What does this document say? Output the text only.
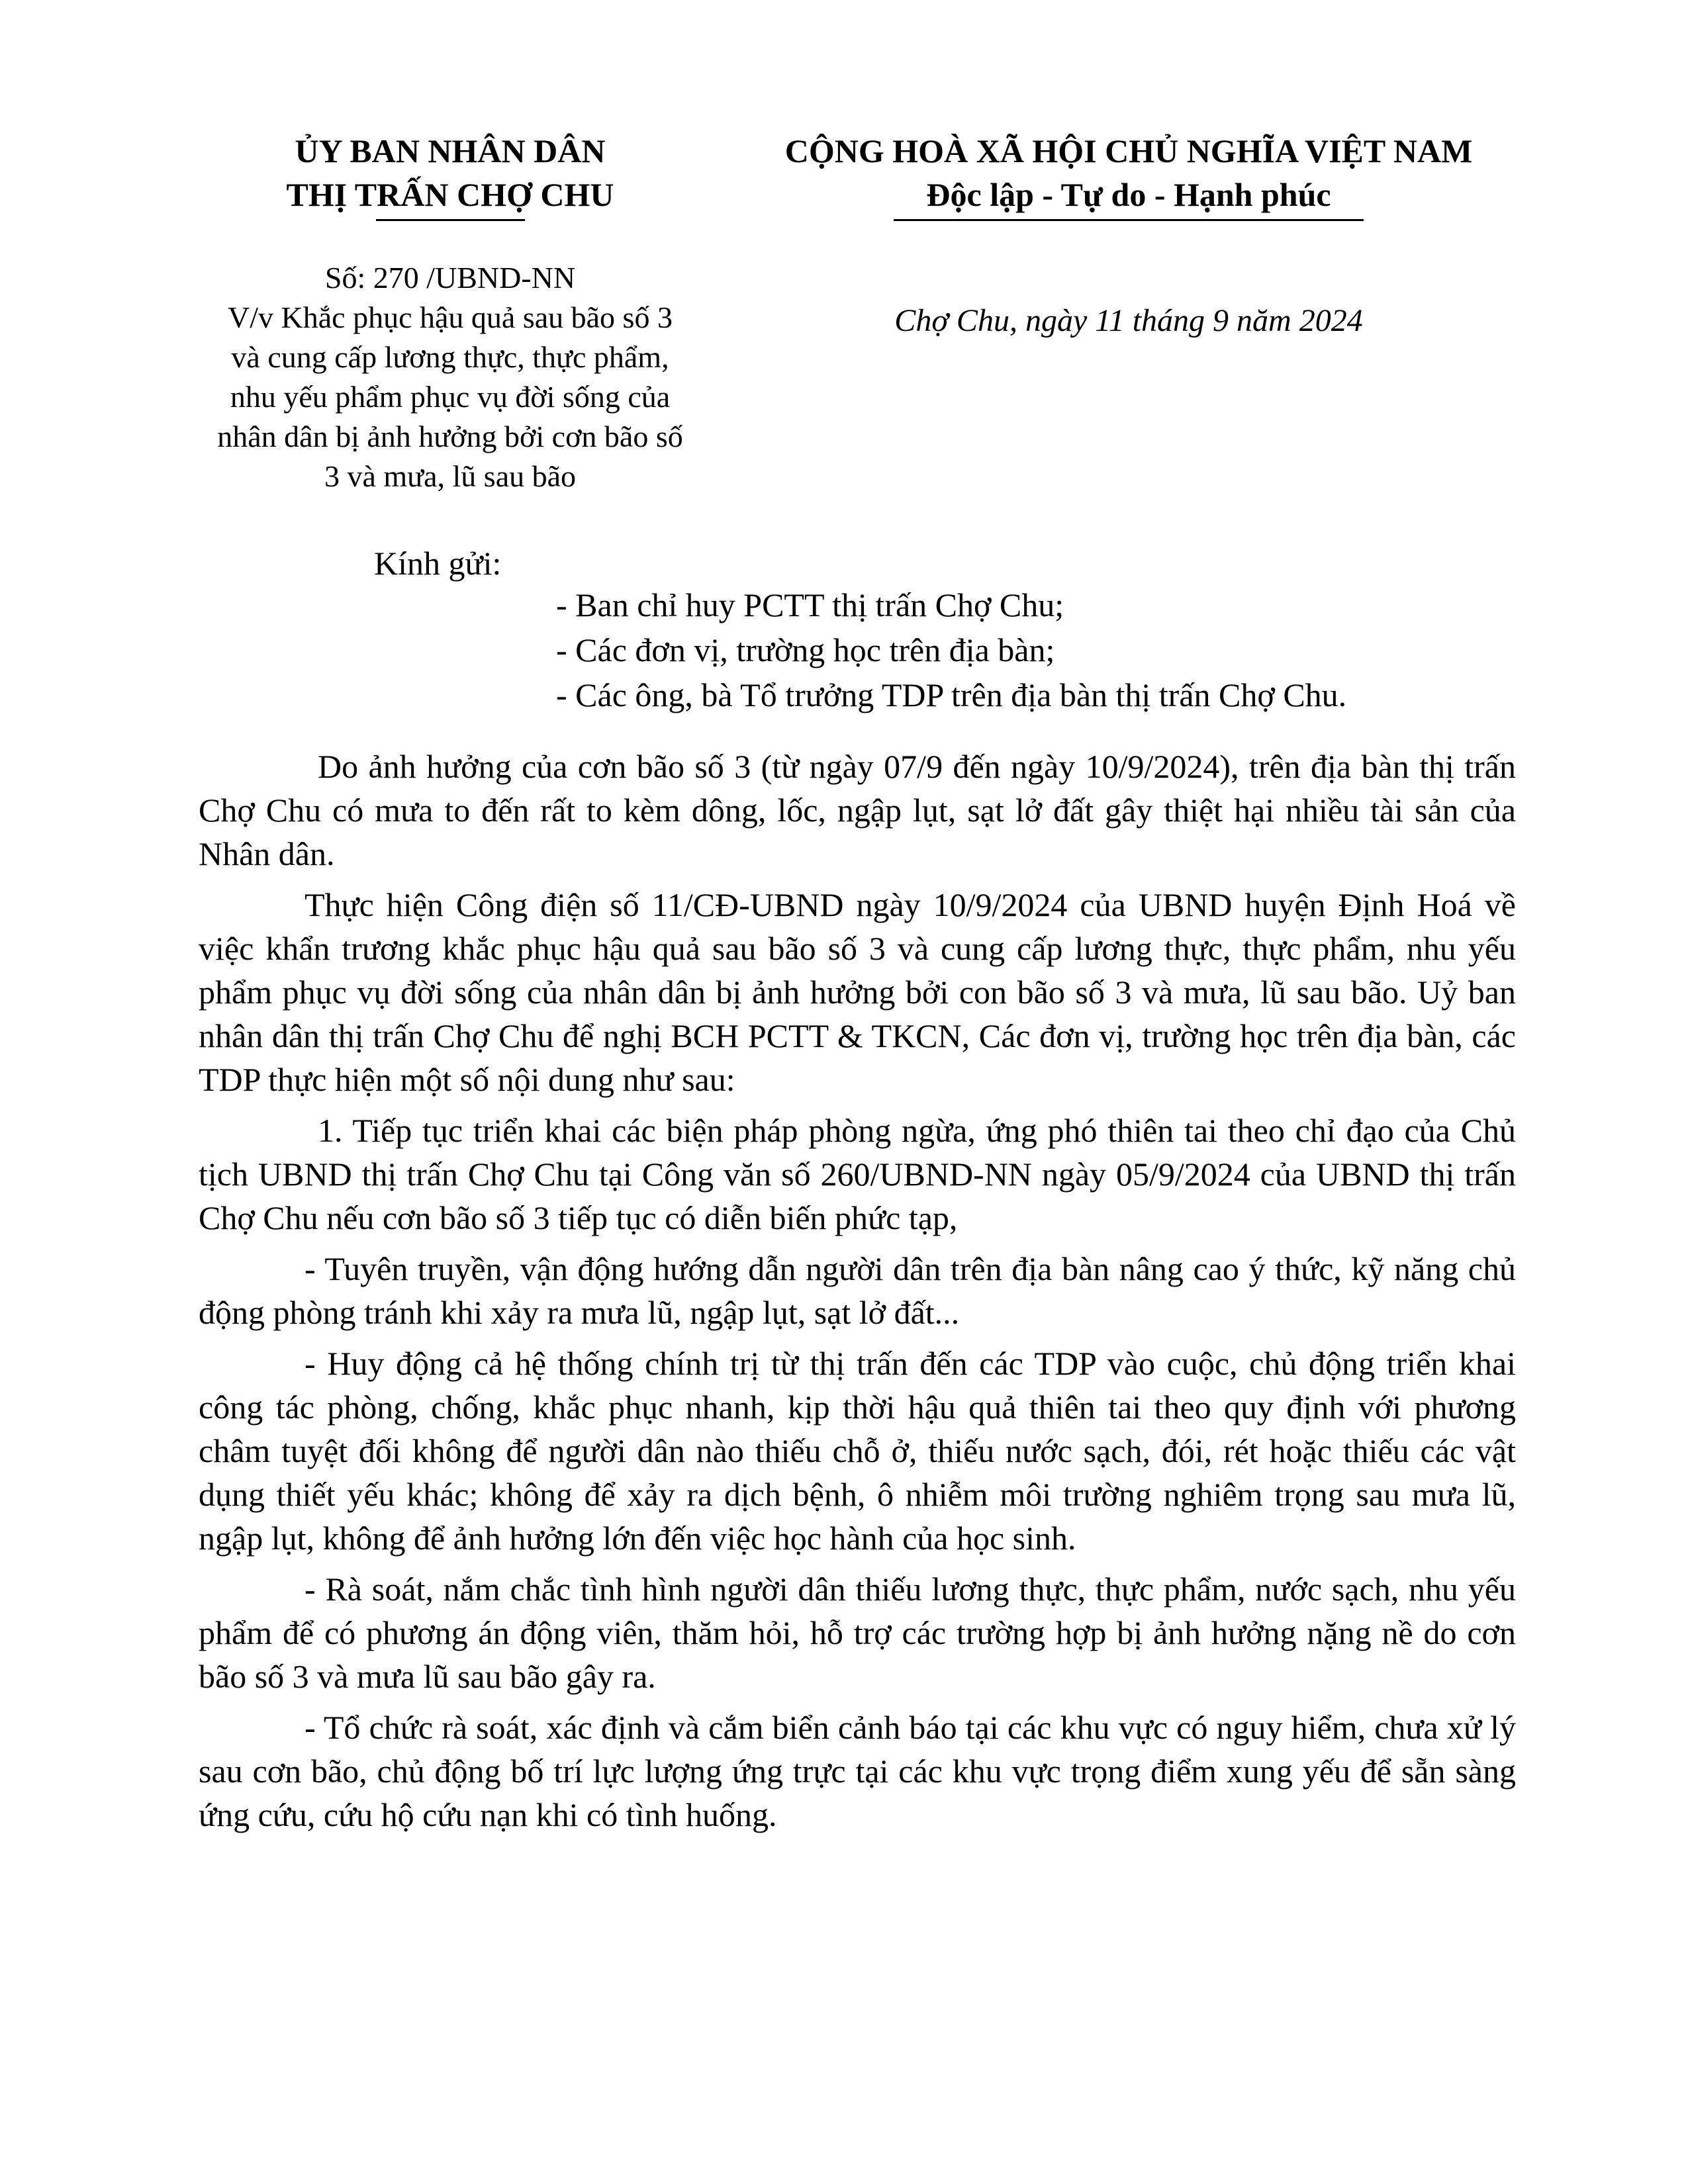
ỦY BAN NHÂN DÂN
THỊ TRẤN CHỢ CHU
CỘNG HOÀ XÃ HỘI CHỦ NGHĨA VIỆT NAM
Độc lập - Tự do - Hạnh phúc
Số: 270 /UBND-NN
V/v Khắc phục hậu quả sau bão số 3
và cung cấp lương thực, thực phẩm,
nhu yếu phẩm phục vụ đời sống của
nhân dân bị ảnh hưởng bởi cơn bão số
3 và mưa, lũ sau bão
Chợ Chu, ngày 11 tháng 9 năm 2024
Kính gửi:
- Ban chỉ huy PCTT thị trấn Chợ Chu;
- Các đơn vị, trường học trên địa bàn;
- Các ông, bà Tổ trưởng TDP trên địa bàn thị trấn Chợ Chu.

Do ảnh hưởng của cơn bão số 3 (từ ngày 07/9 đến ngày 10/9/2024), trên địa bàn thị trấn Chợ Chu có mưa to đến rất to kèm dông, lốc, ngập lụt, sạt lở đất gây thiệt hại nhiều tài sản của Nhân dân.

Thực hiện Công điện số 11/CĐ-UBND ngày 10/9/2024 của UBND huyện Định Hoá về việc khẩn trương khắc phục hậu quả sau bão số 3 và cung cấp lương thực, thực phẩm, nhu yếu phẩm phục vụ đời sống của nhân dân bị ảnh hưởng bởi con bão số 3 và mưa, lũ sau bão. Uỷ ban nhân dân thị trấn Chợ Chu để nghị BCH PCTT & TKCN, Các đơn vị, trường học trên địa bàn, các TDP thực hiện một số nội dung như sau:

1. Tiếp tục triển khai các biện pháp phòng ngừa, ứng phó thiên tai theo chỉ đạo của Chủ tịch UBND thị trấn Chợ Chu tại Công văn số 260/UBND-NN ngày 05/9/2024 của UBND thị trấn Chợ Chu nếu cơn bão số 3 tiếp tục có diễn biến phức tạp,

- Tuyên truyền, vận động hướng dẫn người dân trên địa bàn nâng cao ý thức, kỹ năng chủ động phòng tránh khi xảy ra mưa lũ, ngập lụt, sạt lở đất...

- Huy động cả hệ thống chính trị từ thị trấn đến các TDP vào cuộc, chủ động triển khai công tác phòng, chống, khắc phục nhanh, kịp thời hậu quả thiên tai theo quy định với phương châm tuyệt đối không để người dân nào thiếu chỗ ở, thiếu nước sạch, đói, rét hoặc thiếu các vật dụng thiết yếu khác; không để xảy ra dịch bệnh, ô nhiễm môi trường nghiêm trọng sau mưa lũ, ngập lụt, không để ảnh hưởng lớn đến việc học hành của học sinh.

- Rà soát, nắm chắc tình hình người dân thiếu lương thực, thực phẩm, nước sạch, nhu yếu phẩm để có phương án động viên, thăm hỏi, hỗ trợ các trường hợp bị ảnh hưởng nặng nề do cơn bão số 3 và mưa lũ sau bão gây ra.

- Tổ chức rà soát, xác định và cắm biển cảnh báo tại các khu vực có nguy hiểm, chưa xử lý sau cơn bão, chủ động bố trí lực lượng ứng trực tại các khu vực trọng điểm xung yếu để sẵn sàng ứng cứu, cứu hộ cứu nạn khi có tình huống.
